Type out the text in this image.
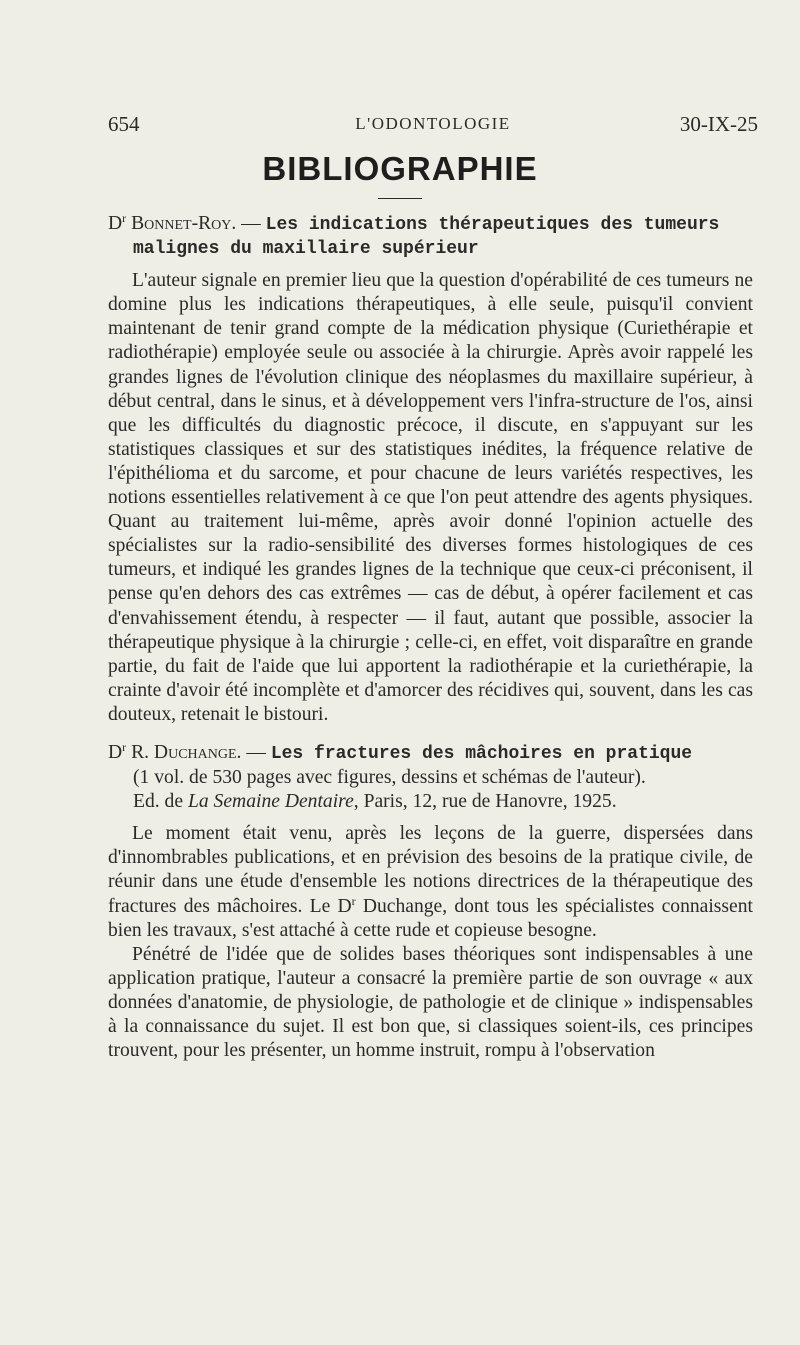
654	L'ODONTOLOGIE	30-IX-25
BIBLIOGRAPHIE
$D^r$ Bonnet-Roy. — Les indications thérapeutiques des tumeurs
malignes du maxillaire supérieur

L'auteur signale en premier lieu que la question d'opérabilité de ces tumeurs ne domine plus les indications thérapeutiques, à elle seule, puisqu'il convient maintenant de tenir grand compte de la médication physique (Curiethérapie et radiothérapie) employée seule ou associée à la chirurgie. Après avoir rappelé les grandes lignes de l'évolution clinique des néoplasmes du maxillaire supérieur, à début central, dans le sinus, et à développement vers l'infra-structure de l'os, ainsi que les difficultés du diagnostic précoce, il discute, en s'appuyant sur les statistiques classiques et sur des statistiques inédites, la fréquence relative de l'épithélioma et du sarcome, et pour chacune de leurs variétés respectives, les notions essentielles relativement à ce que l'on peut attendre des agents physiques. Quant au traitement lui-même, après avoir donné l'opinion actuelle des spécialistes sur la radio-sensibilité des diverses formes histologiques de ces tumeurs, et indiqué les grandes lignes de la technique que ceux-ci préconisent, il pense qu'en dehors des cas extrêmes — cas de début, à opérer facilement et cas d'envahissement étendu, à respecter — il faut, autant que possible, associer la thérapeutique physique à la chirurgie ; celle-ci, en effet, voit disparaître en grande partie, du fait de l'aide que lui apportent la radiothérapie et la curiethérapie, la crainte d'avoir été incomplète et d'amorcer des récidives qui, souvent, dans les cas douteux, retenait le bistouri.

$D^r$ R. Duchange. — Les fractures des mâchoires en pratique
(1 vol. de 530 pages avec figures, dessins et schémas de l'auteur).
Ed. de La Semaine Dentaire, Paris, 12, rue de Hanovre, 1925.

Le moment était venu, après les leçons de la guerre, dispersées dans d'innombrables publications, et en prévision des besoins de la pratique civile, de réunir dans une étude d'ensemble les notions directrices de la thérapeutique des fractures des mâchoires. Le $D^r$ Duchange, dont tous les spécialistes connaissent bien les travaux, s'est attaché à cette rude et copieuse besogne.

Pénétré de l'idée que de solides bases théoriques sont indispensables à une application pratique, l'auteur a consacré la première partie de son ouvrage « aux données d'anatomie, de physiologie, de pathologie et de clinique » indispensables à la connaissance du sujet. Il est bon que, si classiques soient-ils, ces principes trouvent, pour les présenter, un homme instruit, rompu à l'observation
